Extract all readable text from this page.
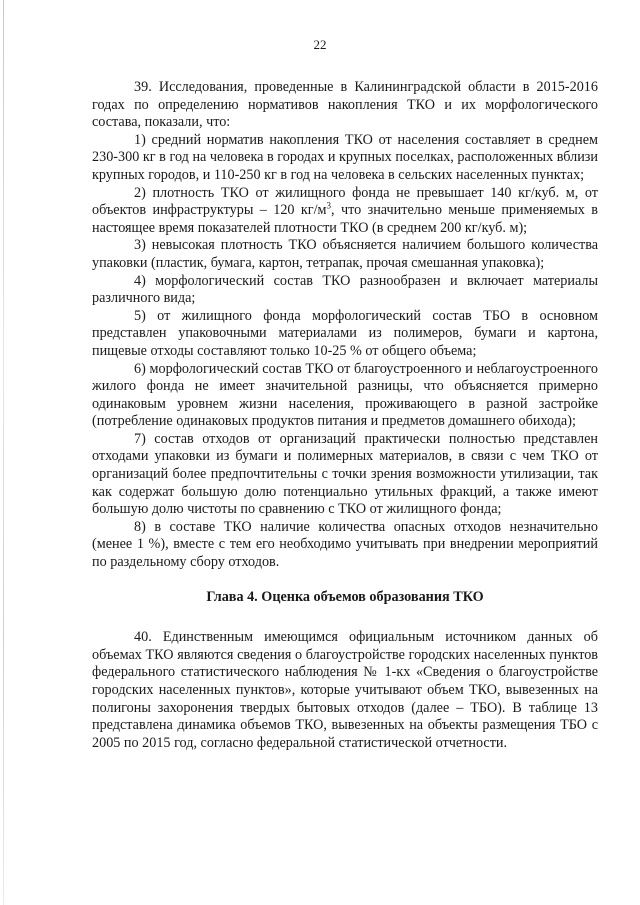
22

39. Исследования, проведенные в Калининградской области в 2015-2016 годах по определению нормативов накопления ТКО и их морфологического состава, показали, что:

1) средний норматив накопления ТКО от населения составляет в среднем 230-300 кг в год на человека в городах и крупных поселках, расположенных вблизи крупных городов, и 110-250 кг в год на человека в сельских населенных пунктах;

2) плотность ТКО от жилищного фонда не превышает 140 кг/куб. м, от объектов инфраструктуры – 120 $кг/м^3$, что значительно меньше применяемых в настоящее время показателей плотности ТКО (в среднем 200 кг/куб. м);

3) невысокая плотность ТКО объясняется наличием большого количества упаковки (пластик, бумага, картон, тетрапак, прочая смешанная упаковка);

4) морфологический состав ТКО разнообразен и включает материалы различного вида;

5) от жилищного фонда морфологический состав ТБО в основном представлен упаковочными материалами из полимеров, бумаги и картона, пищевые отходы составляют только 10-25 % от общего объема;

6) морфологический состав ТКО от благоустроенного и неблагоустроенного жилого фонда не имеет значительной разницы, что объясняется примерно одинаковым уровнем жизни населения, проживающего в разной застройке (потребление одинаковых продуктов питания и предметов домашнего обихода);

7) состав отходов от организаций практически полностью представлен отходами упаковки из бумаги и полимерных материалов, в связи с чем ТКО от организаций более предпочтительны с точки зрения возможности утилизации, так как содержат большую долю потенциально утильных фракций, а также имеют большую долю чистоты по сравнению с ТКО от жилищного фонда;

8) в составе ТКО наличие количества опасных отходов незначительно (менее 1 %), вместе с тем его необходимо учитывать при внедрении мероприятий по раздельному сбору отходов.

Глава 4. Оценка объемов образования ТКО

40. Единственным имеющимся официальным источником данных об объемах ТКО являются сведения о благоустройстве городских населенных пунктов федерального статистического наблюдения № 1-кх «Сведения о благоустройстве городских населенных пунктов», которые учитывают объем ТКО, вывезенных на полигоны захоронения твердых бытовых отходов (далее – ТБО). В таблице 13 представлена динамика объемов ТКО, вывезенных на объекты размещения ТБО с 2005 по 2015 год, согласно федеральной статистической отчетности.
